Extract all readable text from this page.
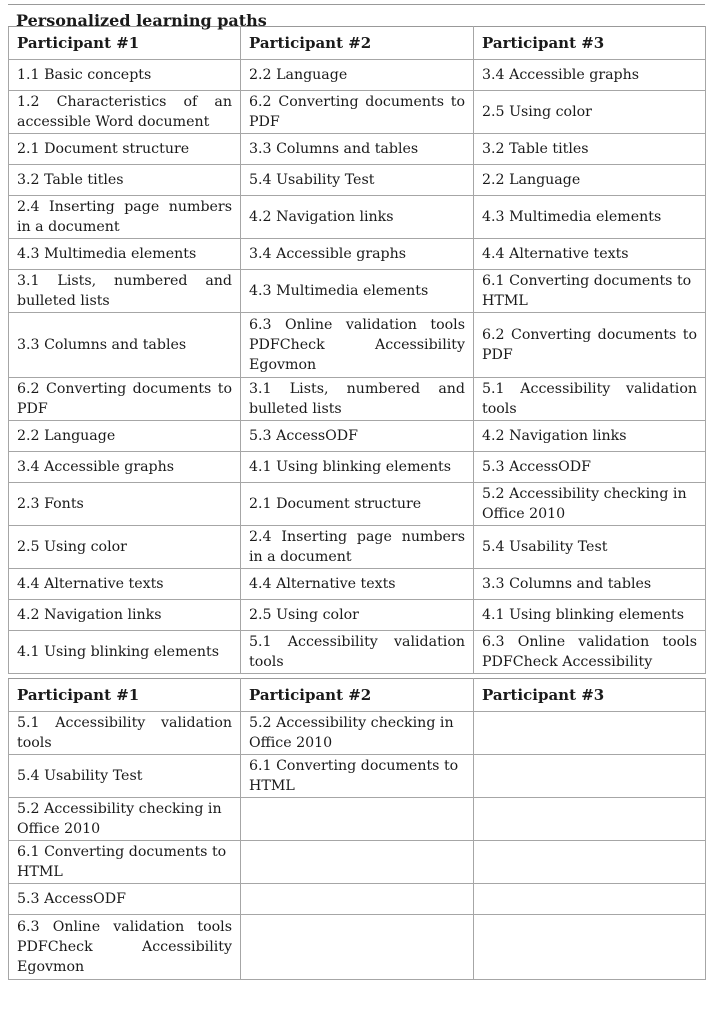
Personalized learning paths
Participant #1	Participant #2	Participant #3
1.1 Basic concepts	2.2 Language	3.4 Accessible graphs
1.2 Characteristics of an accessible Word document	6.2 Converting documents to PDF	2.5 Using color
2.1 Document structure	3.3 Columns and tables	3.2 Table titles
3.2 Table titles	5.4 Usability Test	2.2 Language
2.4 Inserting page numbers in a document	4.2 Navigation links	4.3 Multimedia elements
4.3 Multimedia elements	3.4 Accessible graphs	4.4 Alternative texts
3.1 Lists, numbered and bulleted lists	4.3 Multimedia elements	6.1 Converting documents to HTML
3.3 Columns and tables	6.3 Online validation tools PDFCheck Accessibility Egovmon	6.2 Converting documents to PDF
6.2 Converting documents to PDF	3.1 Lists, numbered and bulleted lists	5.1 Accessibility validation tools
2.2 Language	5.3 AccessODF	4.2 Navigation links
3.4 Accessible graphs	4.1 Using blinking elements	5.3 AccessODF
2.3 Fonts	2.1 Document structure	5.2 Accessibility checking in Office 2010
2.5 Using color	2.4 Inserting page numbers in a document	5.4 Usability Test
4.4 Alternative texts	4.4 Alternative texts	3.3 Columns and tables
4.2 Navigation links	2.5 Using color	4.1 Using blinking elements
4.1 Using blinking elements	5.1 Accessibility validation tools	6.3 Online validation tools PDFCheck Accessibility
Participant #1	Participant #2	Participant #3
5.1 Accessibility validation tools	5.2 Accessibility checking in Office 2010	
5.4 Usability Test	6.1 Converting documents to HTML	
5.2 Accessibility checking in Office 2010		
6.1 Converting documents to HTML		
5.3 AccessODF		
6.3 Online validation tools PDFCheck Accessibility Egovmon		
